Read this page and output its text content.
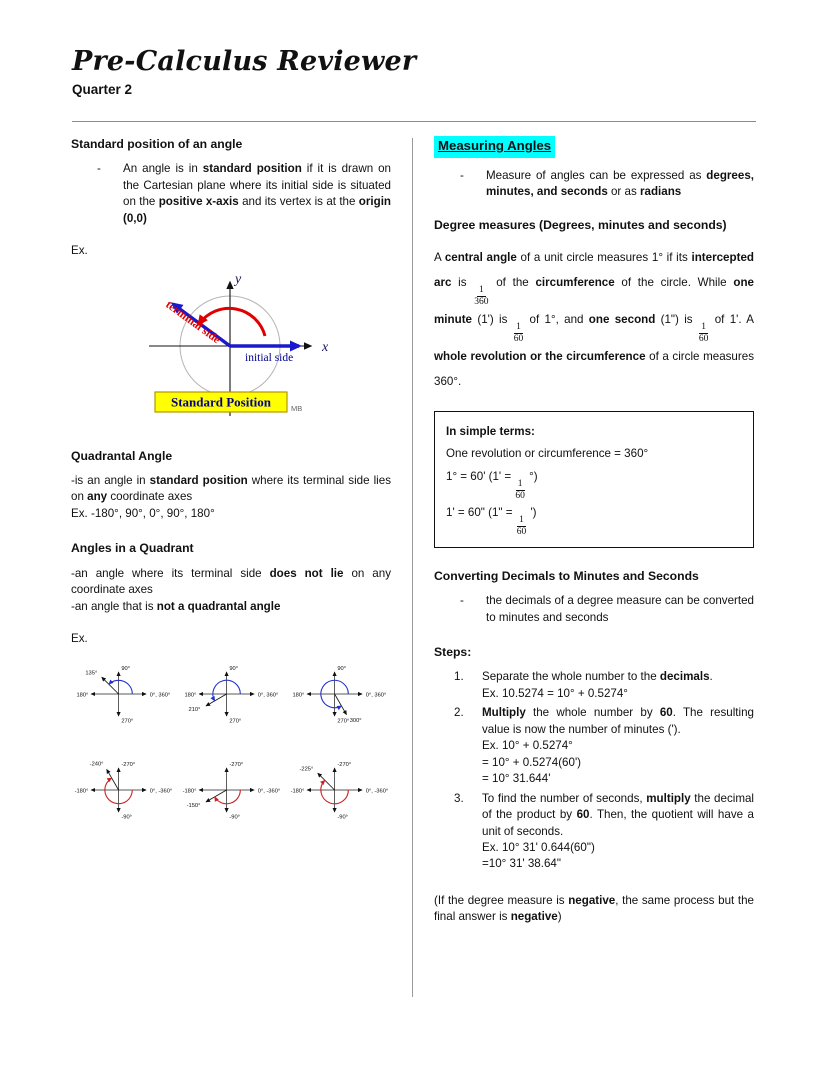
Pre-Calculus Reviewer
Quarter 2
Standard position of an angle
-	An angle is in standard position if it is drawn on the Cartesian plane where its initial side is situated on the positive x-axis and its vertex is at the origin (0,0)
Ex.
x
y
terminal side
initial side
Standard Position	MB
Quadrantal Angle
-is an angle in standard position where its terminal side lies on any coordinate axes
Ex. -180°, 90°, 0°, 90°, 180°
Angles in a Quadrant
-an angle where its terminal side does not lie on any coordinate axes
-an angle that is not a quadrantal angle
Ex.
90°
180°	0°, 360°
270°
135°
90°
180°	0°, 360°
270°
210°
90°
180°	0°, 360°
270° 300°
-270°
-180°	0°, -360°
-90°
-240°	-270°
-180°	0°, -360°
-90°
-150°
-270°
-180°	0°, -360°
-90°
-225°
Measuring Angles
-	Measure of angles can be expressed as degrees, minutes, and seconds or as radians
Degree measures (Degrees, minutes and seconds)
A central angle of a unit circle measures 1° if its intercepted arc is
$\frac{1}{360}$
of the circumference of the circle. While one minute (1') is
$\frac{1}{60}$
of 1°, and one second (1") is
$\frac{1}{60}$
of 1'. A whole revolution or the circumference of a circle measures 360°.
In simple terms:
One revolution or circumference = 360°
1° = 60' (1' =
$\frac{1}{60}$
°)
1' = 60" (1" =
$\frac{1}{60}$
')
Converting Decimals to Minutes and Seconds
-	the decimals of a degree measure can be converted to minutes and seconds
Steps:
1.	Separate the whole number to the decimals.
Ex. 10.5274 = 10° + 0.5274°
2.	Multiply the whole number by 60. The resulting value is now the number of minutes (').
Ex. 10° + 0.5274°
= 10° + 0.5274(60')
= 10° 31.644'
3.	To find the number of seconds, multiply the decimal of the product by 60. Then, the quotient will have a unit of seconds.
Ex. 10° 31' 0.644(60")
=10° 31' 38.64"
(If the degree measure is negative, the same process but the final answer is negative)
